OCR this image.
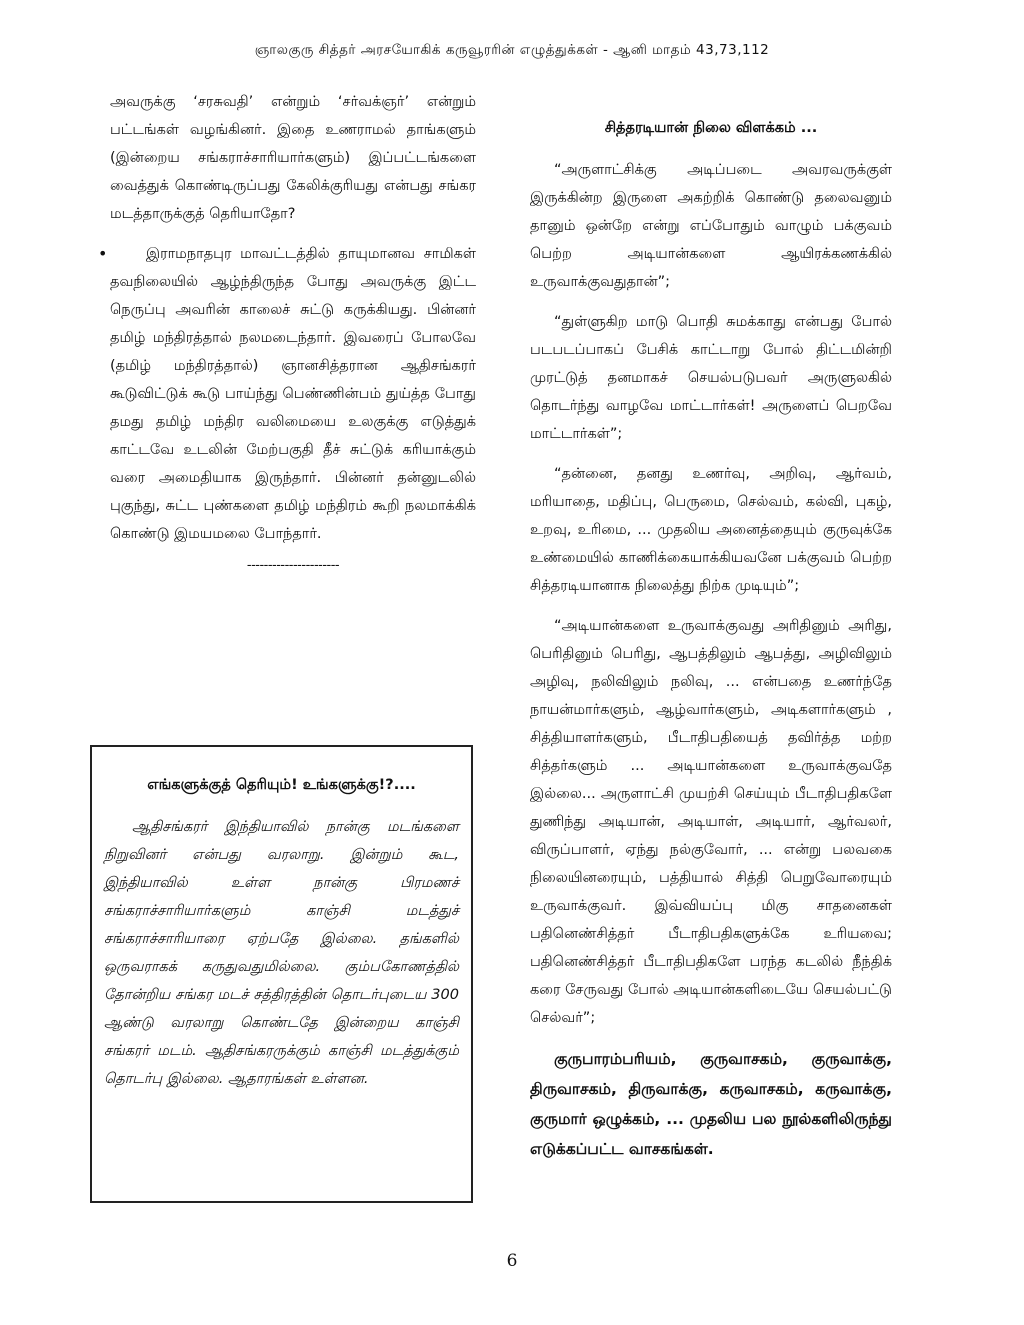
ஞாலகுரு சித்தர் அரசயோகிக் கருவூரரின் எழுத்துக்கள் - ஆனி மாதம் 43,73,112

அவருக்கு ‘சரசுவதி’ என்றும் ‘சர்வக்ஞர்’ என்றும் பட்டங்கள் வழங்கினர். இதை உணராமல் தாங்களும் (இன்றைய சங்கராச்சாரியார்களும்) இப்பட்டங்களை வைத்துக் கொண்டிருப்பது கேலிக்குரியது என்பது சங்கர மடத்தாருக்குத் தெரியாதோ?

•	இராமநாதபுர மாவட்டத்தில் தாயுமானவ சாமிகள் தவநிலையில் ஆழ்ந்திருந்த போது அவருக்கு இட்ட நெருப்பு அவரின் காலைச் சுட்டு கருக்கியது. பின்னர் தமிழ் மந்திரத்தால் நலமடைந்தார். இவரைப் போலவே (தமிழ் மந்திரத்தால்) ஞானசித்தரான ஆதிசங்கரர் கூடுவிட்டுக் கூடு பாய்ந்து பெண்ணின்பம் துய்த்த போது தமது தமிழ் மந்திர வலிமையை உலகுக்கு எடுத்துக் காட்டவே உடலின் மேற்பகுதி தீச் சுட்டுக் கரியாக்கும் வரை அமைதியாக இருந்தார். பின்னர் தன்னுடலில் புகுந்து, சுட்ட புண்களை தமிழ் மந்திரம் கூறி நலமாக்கிக் கொண்டு இமயமலை போந்தார்.

----------------------
எங்களுக்குத் தெரியும்! உங்களுக்கு!?....

ஆதிசங்கரர் இந்தியாவில் நான்கு மடங்களை நிறுவினர் என்பது வரலாறு. இன்றும் கூட, இந்தியாவில் உள்ள நான்கு பிரமணச் சங்கராச்சாரியார்களும் காஞ்சி மடத்துச் சங்கராச்சாரியாரை ஏற்பதே இல்லை. தங்களில் ஒருவராகக் கருதுவதுமில்லை. கும்பகோணத்தில் தோன்றிய சங்கர மடச் சத்திரத்தின் தொடர்புடைய 300 ஆண்டு வரலாறு கொண்டதே இன்றைய காஞ்சி சங்கரர் மடம். ஆதிசங்கரருக்கும் காஞ்சி மடத்துக்கும் தொடர்பு இல்லை. ஆதாரங்கள் உள்ளன.

சித்தரடியான் நிலை விளக்கம் ...

“அருளாட்சிக்கு அடிப்படை அவரவருக்குள் இருக்கின்ற இருளை அகற்றிக் கொண்டு தலைவனும் தானும் ஒன்றே என்று எப்போதும் வாழும் பக்குவம் பெற்ற அடியான்களை ஆயிரக்கணக்கில் உருவாக்குவதுதான்”;

“துள்ளுகிற மாடு பொதி சுமக்காது என்பது போல் படபடப்பாகப் பேசிக் காட்டாறு போல் திட்டமின்றி முரட்டுத் தனமாகச் செயல்படுபவர் அருளுலகில் தொடர்ந்து வாழவே மாட்டார்கள்! அருளைப் பெறவே மாட்டார்கள்”;

“தன்னை, தனது உணர்வு, அறிவு, ஆர்வம், மரியாதை, மதிப்பு, பெருமை, செல்வம், கல்வி, புகழ், உறவு, உரிமை, ... முதலிய அனைத்தையும் குருவுக்கே உண்மையில் காணிக்கையாக்கியவனே பக்குவம் பெற்ற சித்தரடியானாக நிலைத்து நிற்க முடியும்”;

“அடியான்களை உருவாக்குவது அரிதினும் அரிது, பெரிதினும் பெரிது, ஆபத்திலும் ஆபத்து, அழிவிலும் அழிவு, நலிவிலும் நலிவு, ... என்பதை உணர்ந்தே நாயன்மார்களும், ஆழ்வார்களும், அடிகளார்களும் , சித்தியாளர்களும், பீடாதிபதியைத் தவிர்த்த மற்ற சித்தர்களும் ... அடியான்களை உருவாக்குவதே இல்லை... அருளாட்சி முயற்சி செய்யும் பீடாதிபதிகளே துணிந்து அடியான், அடியாள், அடியார், ஆர்வலர், விருப்பாளர், ஏந்து நல்குவோர், ... என்று பலவகை நிலையினரையும், பத்தியால் சித்தி பெறுவோரையும் உருவாக்குவர். இவ்வியப்பு மிகு சாதனைகள் பதினெண்சித்தர் பீடாதிபதிகளுக்கே உரியவை; பதினெண்சித்தர் பீடாதிபதிகளே பரந்த கடலில் நீந்திக் கரை சேருவது போல் அடியான்களிடையே செயல்பட்டு செல்வர்”;

குருபாரம்பரியம், குருவாசகம், குருவாக்கு, திருவாசகம், திருவாக்கு, கருவாசகம், கருவாக்கு, குருமார் ஒழுக்கம், ... முதலிய பல நூல்களிலிருந்து எடுக்கப்பட்ட வாசகங்கள்.

6
